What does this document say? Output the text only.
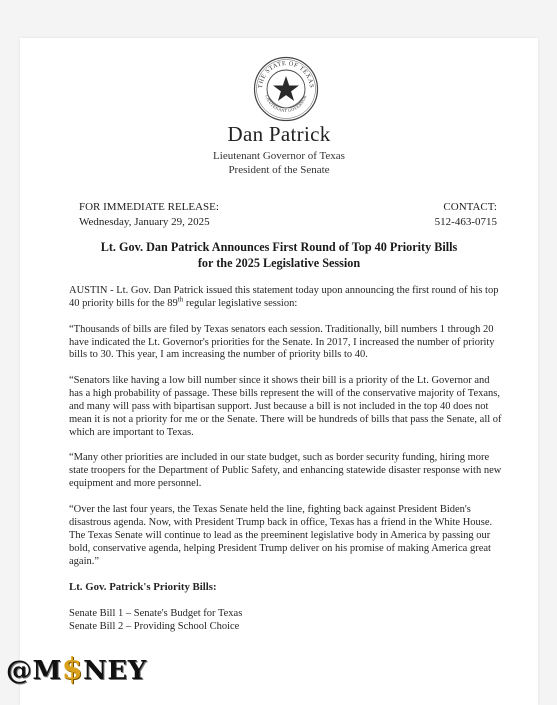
THE STATE OF TEXAS
LIEUTENANT GOVERNOR
Dan Patrick
Lieutenant Governor of Texas
President of the Senate
FOR IMMEDIATE RELEASE:
Wednesday, January 29, 2025
CONTACT:
512-463-0715
Lt. Gov. Dan Patrick Announces First Round of Top 40 Priority Bills
for the 2025 Legislative Session

AUSTIN - Lt. Gov. Dan Patrick issued this statement today upon announcing the first round of his top 40 priority bills for the 89th regular legislative session:

“Thousands of bills are filed by Texas senators each session. Traditionally, bill numbers 1 through 20 have indicated the Lt. Governor's priorities for the Senate. In 2017, I increased the number of priority bills to 30. This year, I am increasing the number of priority bills to 40.

“Senators like having a low bill number since it shows their bill is a priority of the Lt. Governor and has a high probability of passage. These bills represent the will of the conservative majority of Texans, and many will pass with bipartisan support. Just because a bill is not included in the top 40 does not mean it is not a priority for me or the Senate. There will be hundreds of bills that pass the Senate, all of which are important to Texas.

“Many other priorities are included in our state budget, such as border security funding, hiring more state troopers for the Department of Public Safety, and enhancing statewide disaster response with new equipment and more personnel.

“Over the last four years, the Texas Senate held the line, fighting back against President Biden's disastrous agenda. Now, with President Trump back in office, Texas has a friend in the White House. The Texas Senate will continue to lead as the preeminent legislative body in America by passing our bold, conservative agenda, helping President Trump deliver on his promise of making America great again.”

Lt. Gov. Patrick's Priority Bills:

Senate Bill 1 – Senate's Budget for Texas

Senate Bill 2 – Providing School Choice

@M$NEY
